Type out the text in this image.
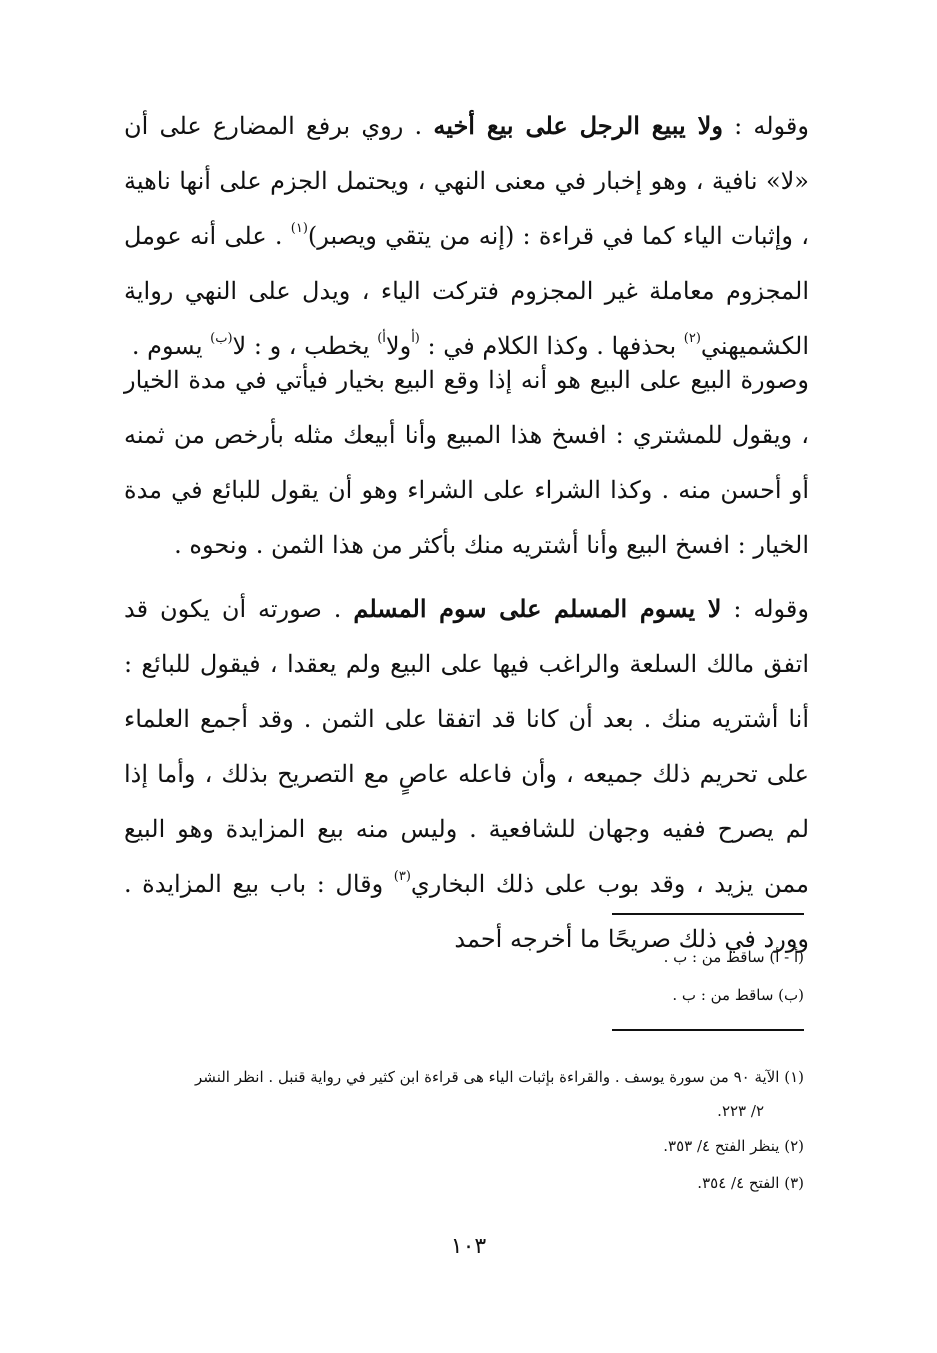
وقوله : ولا يبيع الرجل على بيع أخيه . روي برفع المضارع على أن «لا» نافية ، وهو إخبار في معنى النهي ، ويحتمل الجزم على أنها ناهية ، وإثبات الياء كما في قراءة : (إنه من يتقي ويصبر)$^{(١)}$ . على أنه عومل المجزوم معاملة غير المجزوم فتركت الياء ، ويدل على النهي رواية الكشميهني$^{(٢)}$ بحذفها . وكذا الكلام في : $^{(أ}$ولا$^{أ)}$ يخطب ، و : لا$^{(ب)}$ يسوم .

وصورة البيع على البيع هو أنه إذا وقع البيع بخيار فيأتي في مدة الخيار ، ويقول للمشتري : افسخ هذا المبيع وأنا أبيعك مثله بأرخص من ثمنه أو أحسن منه . وكذا الشراء على الشراء وهو أن يقول للبائع في مدة الخيار : افسخ البيع وأنا أشتريه منك بأكثر من هذا الثمن . ونحوه .

وقوله : لا يسوم المسلم على سوم المسلم . صورته أن يكون قد اتفق مالك السلعة والراغب فيها على البيع ولم يعقدا ، فيقول للبائع : أنا أشتريه منك . بعد أن كانا قد اتفقا على الثمن . وقد أجمع العلماء على تحريم ذلك جميعه ، وأن فاعله عاصٍ مع التصريح بذلك ، وأما إذا لم يصرح ففيه وجهان للشافعية . وليس منه بيع المزايدة وهو البيع ممن يزيد ، وقد بوب على ذلك البخاري$^{(٣)}$ وقال : باب بيع المزايدة . وورد في ذلك صريحًا ما أخرجه أحمد

(أ - أ) ساقط من : ب .

(ب) ساقط من : ب .

(١) الآية ٩٠ من سورة يوسف . والقراءة بإثبات الياء هى قراءة ابن كثير في رواية قنبل . انظر النشر
٢/ ٢٢٣.

(٢) ينظر الفتح ٤/ ٣٥٣.

(٣) الفتح ٤/ ٣٥٤.

١٠٣
